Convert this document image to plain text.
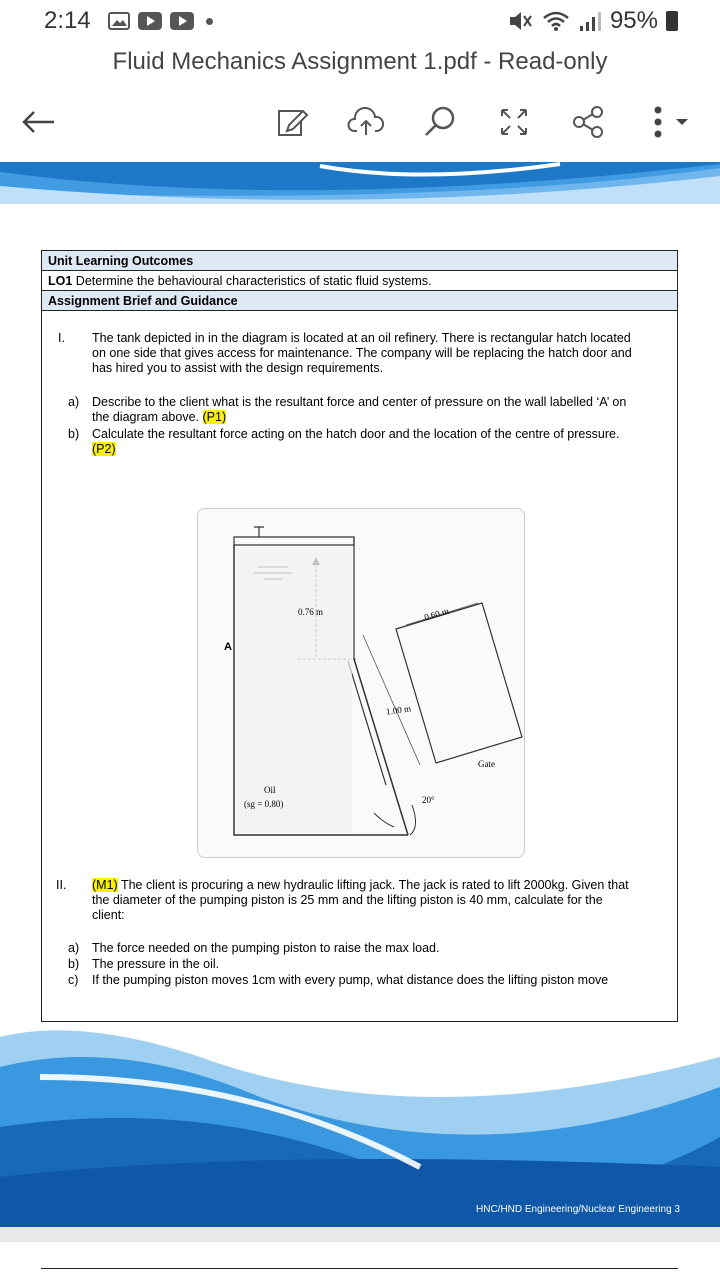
2:14	95%
Fluid Mechanics Assignment 1.pdf - Read-only
Unit Learning Outcomes
LO1 Determine the behavioural characteristics of static fluid systems.
Assignment Brief and Guidance
I. The tank depicted in in the diagram is located at an oil refinery. There is rectangular hatch located
on one side that gives access for maintenance. The company will be replacing the hatch door and
has hired you to assist with the design requirements.
a) Describe to the client what is the resultant force and center of pressure on the wall labelled ‘A’ on
the diagram above. (P1)
b) Calculate the resultant force acting on the hatch door and the location of the centre of pressure.
(P2)
A
0.76 m	0.60 m
1.00 m
Gate
Oil
(sg = 0.80)	20°
II. (M1) The client is procuring a new hydraulic lifting jack. The jack is rated to lift 2000kg. Given that
the diameter of the pumping piston is 25 mm and the lifting piston is 40 mm, calculate for the
client:
a) The force needed on the pumping piston to raise the max load.
b) The pressure in the oil.
c) If the pumping piston moves 1cm with every pump, what distance does the lifting piston move
HNC/HND Engineering/Nuclear Engineering 3
